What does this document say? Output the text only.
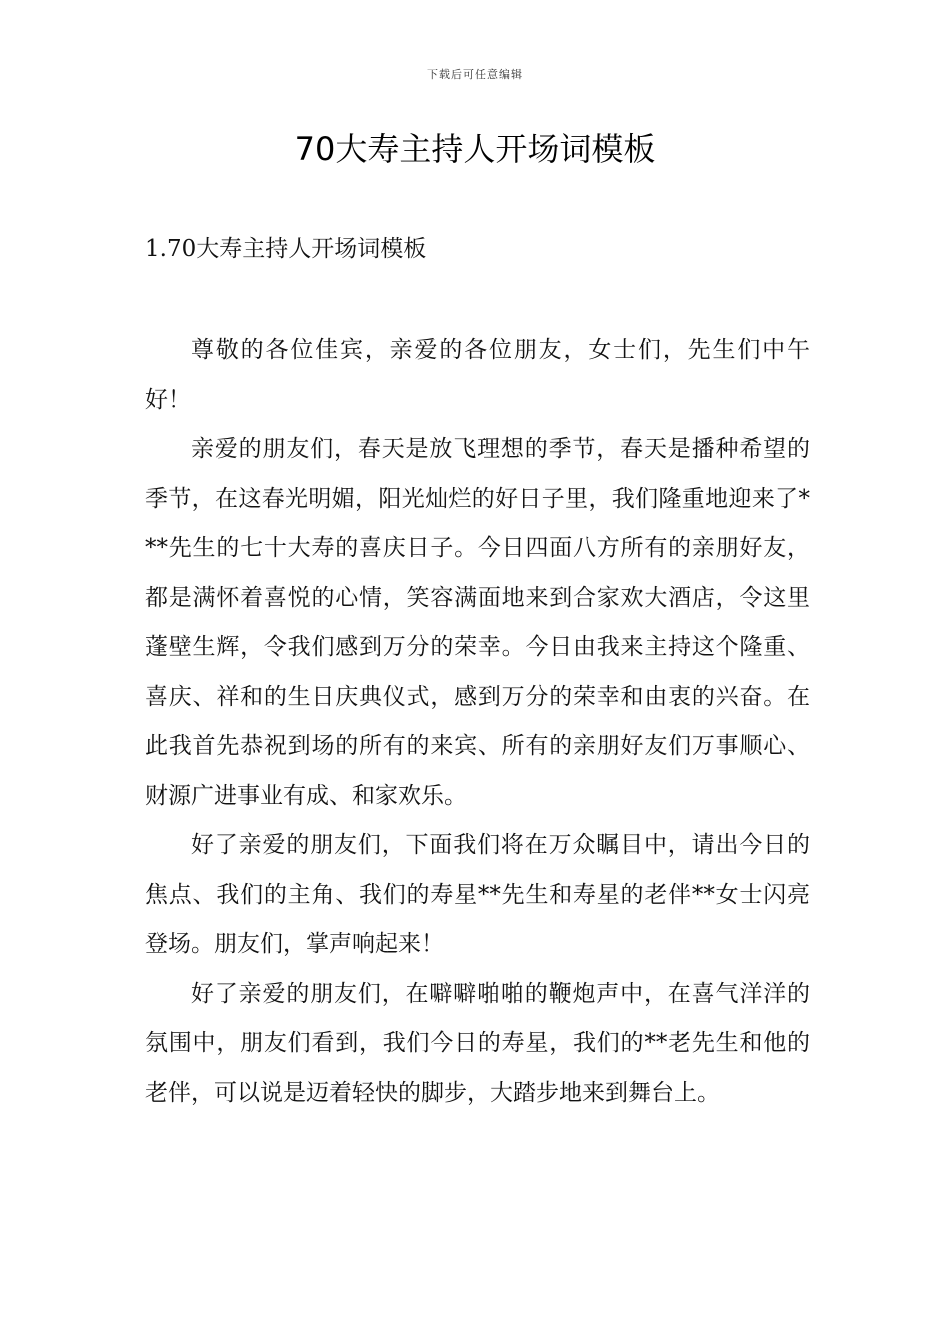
下载后可任意编辑
70大寿主持人开场词模板
1.70大寿主持人开场词模板

尊敬的各位佳宾，亲爱的各位朋友，女士们，先生们中午好！

亲爱的朋友们，春天是放飞理想的季节，春天是播种希望的季节，在这春光明媚，阳光灿烂的好日子里，我们隆重地迎来了***先生的七十大寿的喜庆日子。今日四面八方所有的亲朋好友，都是满怀着喜悦的心情，笑容满面地来到合家欢大酒店，令这里蓬壁生辉，令我们感到万分的荣幸。今日由我来主持这个隆重、喜庆、祥和的生日庆典仪式，感到万分的荣幸和由衷的兴奋。在此我首先恭祝到场的所有的来宾、所有的亲朋好友们万事顺心、财源广进事业有成、和家欢乐。

好了亲爱的朋友们，下面我们将在万众瞩目中，请出今日的焦点、我们的主角、我们的寿星**先生和寿星的老伴**女士闪亮登场。朋友们，掌声响起来！

好了亲爱的朋友们，在噼噼啪啪的鞭炮声中，在喜气洋洋的氛围中，朋友们看到，我们今日的寿星，我们的**老先生和他的老伴，可以说是迈着轻快的脚步，大踏步地来到舞台上。
